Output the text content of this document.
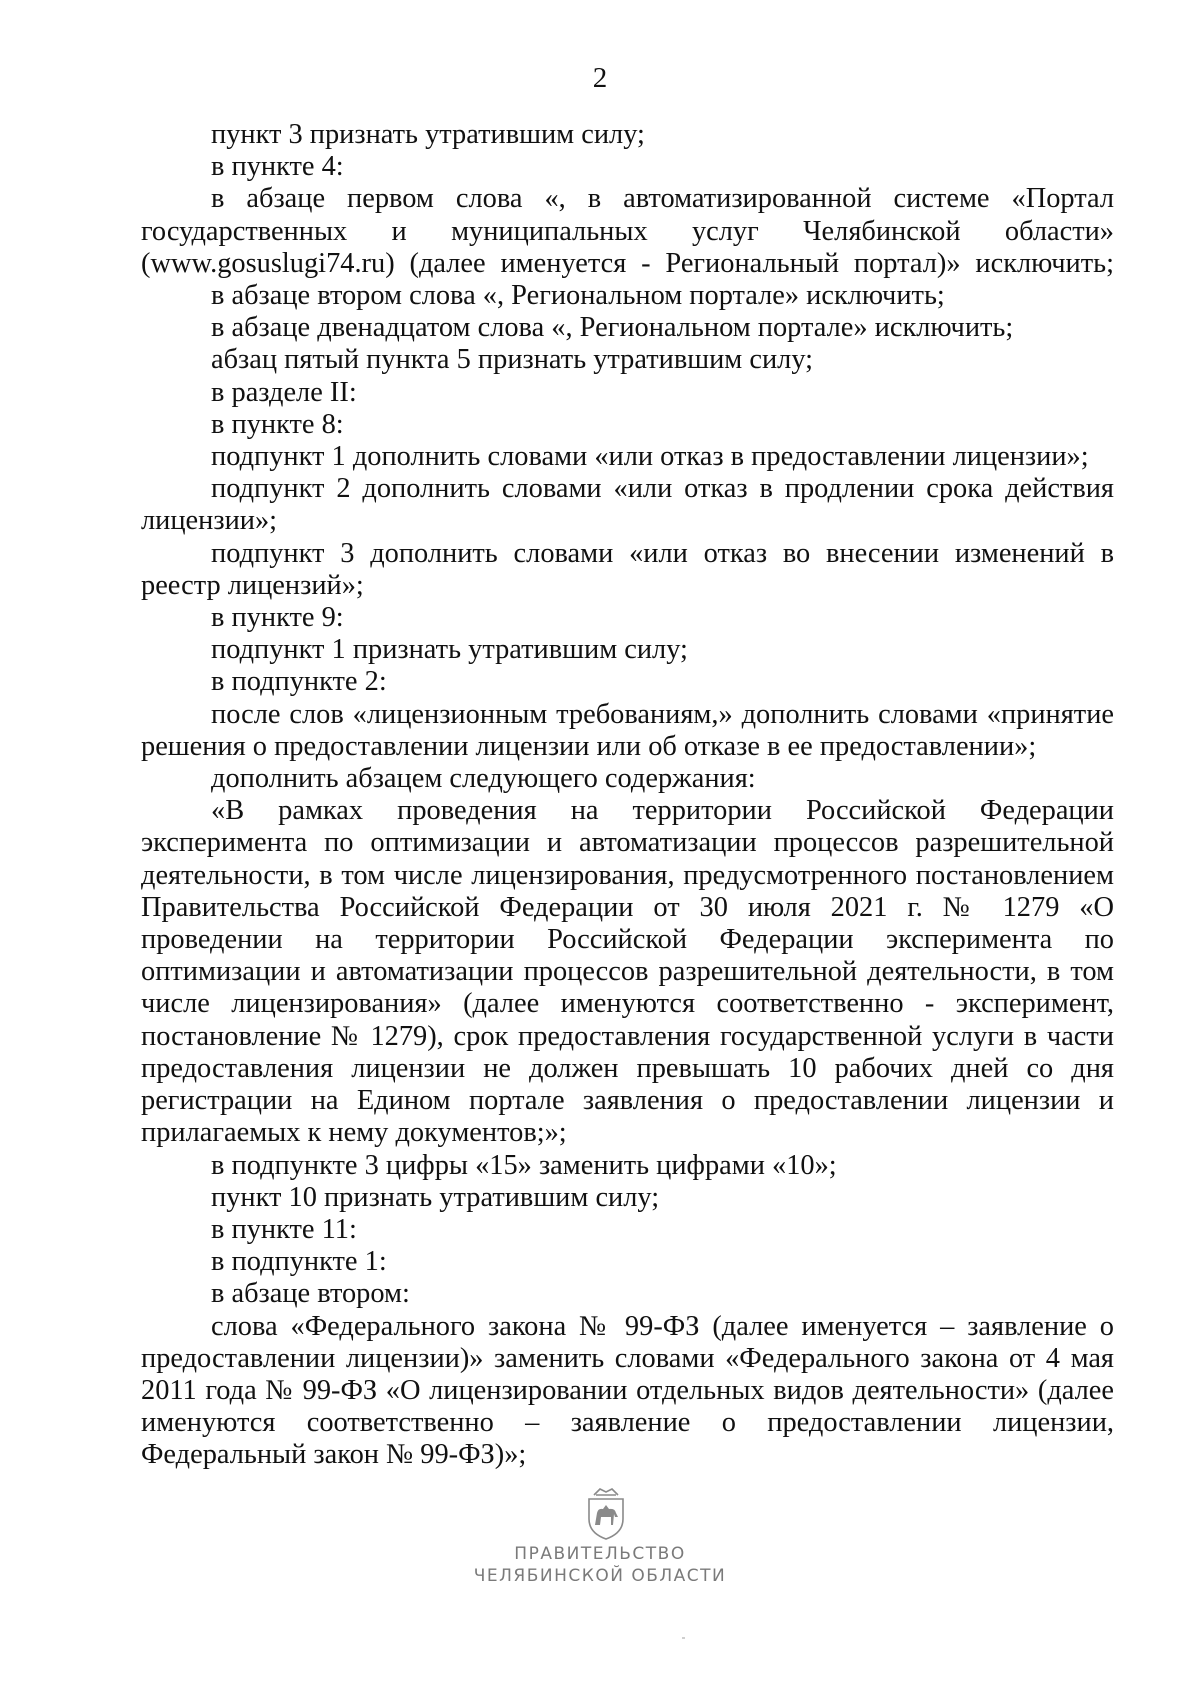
2

пункт 3 признать утратившим силу;

в пункте 4:

в абзаце первом слова «, в автоматизированной системе «Портал государственных и муниципальных услуг Челябинской области» (www.gosuslugi74.ru) (далее именуется - Региональный портал)» исключить;

в абзаце втором слова «, Региональном портале» исключить;

в абзаце двенадцатом слова «, Региональном портале» исключить;

абзац пятый пункта 5 признать утратившим силу;

в разделе II:

в пункте 8:

подпункт 1 дополнить словами «или отказ в предоставлении лицензии»;

подпункт 2 дополнить словами «или отказ в продлении срока действия лицензии»;

подпункт 3 дополнить словами «или отказ во внесении изменений в реестр лицензий»;

в пункте 9:

подпункт 1 признать утратившим силу;

в подпункте 2:

после слов «лицензионным требованиям,» дополнить словами «принятие решения о предоставлении лицензии или об отказе в ее предоставлении»;

дополнить абзацем следующего содержания:

«В рамках проведения на территории Российской Федерации эксперимента по оптимизации и автоматизации процессов разрешительной деятельности, в том числе лицензирования, предусмотренного постановлением Правительства Российской Федерации от 30 июля 2021 г. № 1279 «О проведении на территории Российской Федерации эксперимента по оптимизации и автоматизации процессов разрешительной деятельности, в том числе лицензирования» (далее именуются соответственно - эксперимент, постановление № 1279), срок предоставления государственной услуги в части предоставления лицензии не должен превышать 10 рабочих дней со дня регистрации на Едином портале заявления о предоставлении лицензии и прилагаемых к нему документов;»;

в подпункте 3 цифры «15» заменить цифрами «10»;

пункт 10 признать утратившим силу;

в пункте 11:

в подпункте 1:

в абзаце втором:

слова «Федерального закона № 99-ФЗ (далее именуется – заявление о предоставлении лицензии)» заменить словами «Федерального закона от 4 мая 2011 года № 99-ФЗ «О лицензировании отдельных видов деятельности» (далее именуются соответственно – заявление о предоставлении лицензии, Федеральный закон № 99-ФЗ)»;

ПРАВИТЕЛЬСТВО
ЧЕЛЯБИНСКОЙ ОБЛАСТИ
